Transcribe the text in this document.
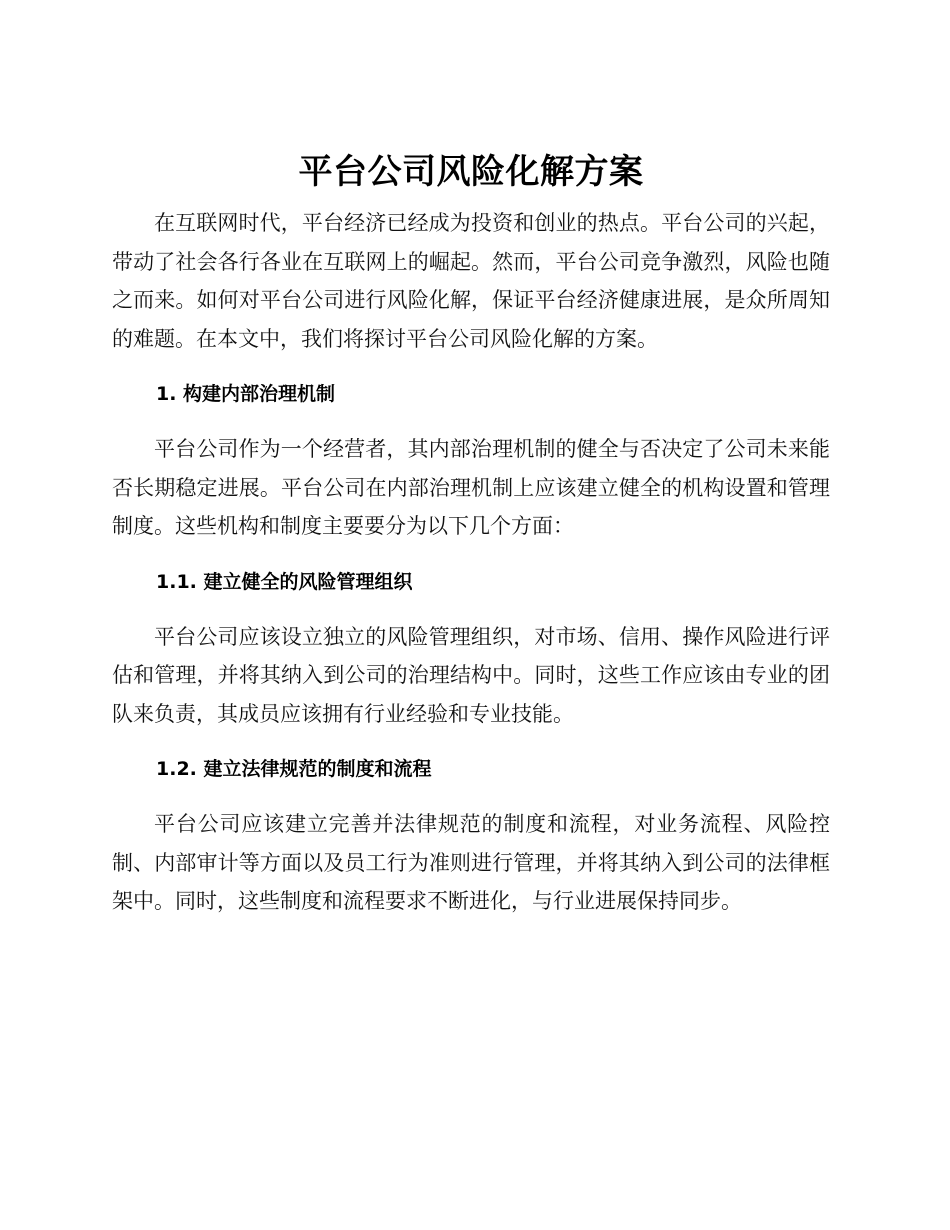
平台公司风险化解方案

在互联网时代，平台经济已经成为投资和创业的热点。平台公司的兴起，带动了社会各行各业在互联网上的崛起。然而，平台公司竞争激烈，风险也随之而来。如何对平台公司进行风险化解，保证平台经济健康进展，是众所周知的难题。在本文中，我们将探讨平台公司风险化解的方案。

1. 构建内部治理机制

平台公司作为一个经营者，其内部治理机制的健全与否决定了公司未来能否长期稳定进展。平台公司在内部治理机制上应该建立健全的机构设置和管理制度。这些机构和制度主要要分为以下几个方面：

1.1. 建立健全的风险管理组织

平台公司应该设立独立的风险管理组织，对市场、信用、操作风险进行评估和管理，并将其纳入到公司的治理结构中。同时，这些工作应该由专业的团队来负责，其成员应该拥有行业经验和专业技能。

1.2. 建立法律规范的制度和流程

平台公司应该建立完善并法律规范的制度和流程，对业务流程、风险控制、内部审计等方面以及员工行为准则进行管理，并将其纳入到公司的法律框架中。同时，这些制度和流程要求不断进化，与行业进展保持同步。
